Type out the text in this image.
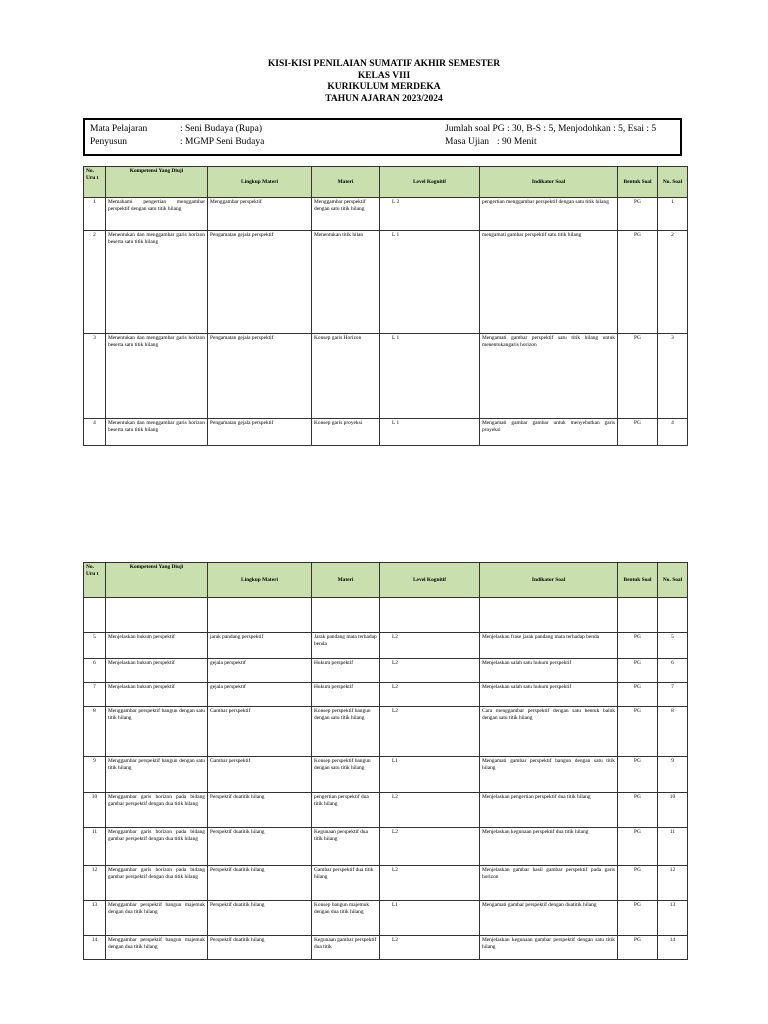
KISI-KISI PENILAIAN SUMATIF AKHIR SEMESTER
KELAS VIII
KURIKULUM MERDEKA
TAHUN AJARAN 2023/2024
Mata Pelajaran	: Seni Budaya (Rupa)	Jumlah soal PG : 30, B-S : 5, Menjodohkan : 5, Esai : 5
Penyusun	: MGMP Seni Budaya	Masa Ujian : 90 Menit
No. Uru t	Kompetensi Yang Diuji	Lingkup Materi	Materi	Level Kognitif	Indikator Soal	Bentuk Soal	No. Soal
1	Memahami pengertian menggambar perspektif dengan satu titik hilang	Menggambar perspektif	Menggambar perspektif dengan satu titik hilang	L 2	pengertian menggambar perspektif dengan satu titik hilang	PG	1
2	Menentukan dan menggambar garis horizon beserta satu titik hilang	Pengamatan gejala perspektif	Menentukan titik hilan	L 1	mengamati gambar perspektif satu titik hilang	PG	2
3	Menentukan dan menggambar garis horizon beserta satu titik hilang	Pengamatan gejala perspektif	Konsep garis Horizon	L 1	Mengamati gambar perspektif satu titik hilang untuk menentukangaris horizon	PG	3
4	Menentukan dan menggambar garis horizon beserta satu titik hilang	Pengamatan gejala perspektif	Konsep garis proyeksi	L 1	Mengamati gambar gambar untuk menyebutkan garis proyeksi	PG	4
No. Uru t	Kompetensi Yang Diuji	Lingkup Materi	Materi	Level Kognitif	Indikator Soal	Bentuk Soal	No. Soal

5	Menjelaskan hukum perspektif	jarak pandang perspektif	Jarak pandang mata terhadap benda	L2	Menjelaskan frase jarak pandang mata terhadap benda	PG	5
6	Menjelaskan hukum perspektif	gejala perspektif	Hukum perspektif	L2	Menjelaskan salah satu hukum perspektif	PG	6
7	Menjelaskan hukum perspektif	gejala perspektif	Hukum perspektif	L2	Menjelaskan salah satu hukum perspektif	PG	7
8	Menggambar perspektif bangun dengan satu titik hilang	Gambar perspektif	Konsep perspektif bangun dengan satu titik hilang	L2	Cara menggambar perspektif dengan satu bentuk balok dengan satu titik hilang	PG	8
9	Menggambar perspektif bangun dengan satu titik hilang	Gambar perspektif	Konsep perspektif bangun dengan satu titik hilang	L1	Mengamati gambar perspektif bangun dengan satu titik hilang	PG	9
10	Menggambar garis horizon pada bidang gambar perspektif dengan dua titik hilang	Perspektif duatitik hilang	pengertian perspektif dua titik hilang	L2	Menjelaskan pengertian perspektif dua titik hilang	PG	10
11	Menggambar garis horizon pada bidang gambar perspektif dengan dua titik hilang	Perspektif duatitik hilang	Kegunaan perspektif dua titik hilang	L2	Menjelaskan kegunaan perspektif dua titik hilang	PG	11
12	Menggambar garis horizon pada bidang gambar perspektif dengan dua titik hilang	Perspektif duatitik hilang	Gambar perspektif dua titik hilang	L2	Menjelaskan gambar hasil gambar perspektif pada garis horizon	PG	12
13	Menggambar perspektif bangun majemuk dengan dua titik hilang	Perspektif duatitik hilang	Konsep bangun majemuk dengan dua titik hilang	L1	Mengamati gambar perspektif dengan duatitik hilang	PG	13
14	Menggambar perspektif bangun majemuk dengan dua titik hilang	Perspektif duatitik hilang	Kegunaan gambar perspektif dua titik	L2	Menjelaskan kegunaan gambar perspektif dengan satu titik hilang	PG	14
